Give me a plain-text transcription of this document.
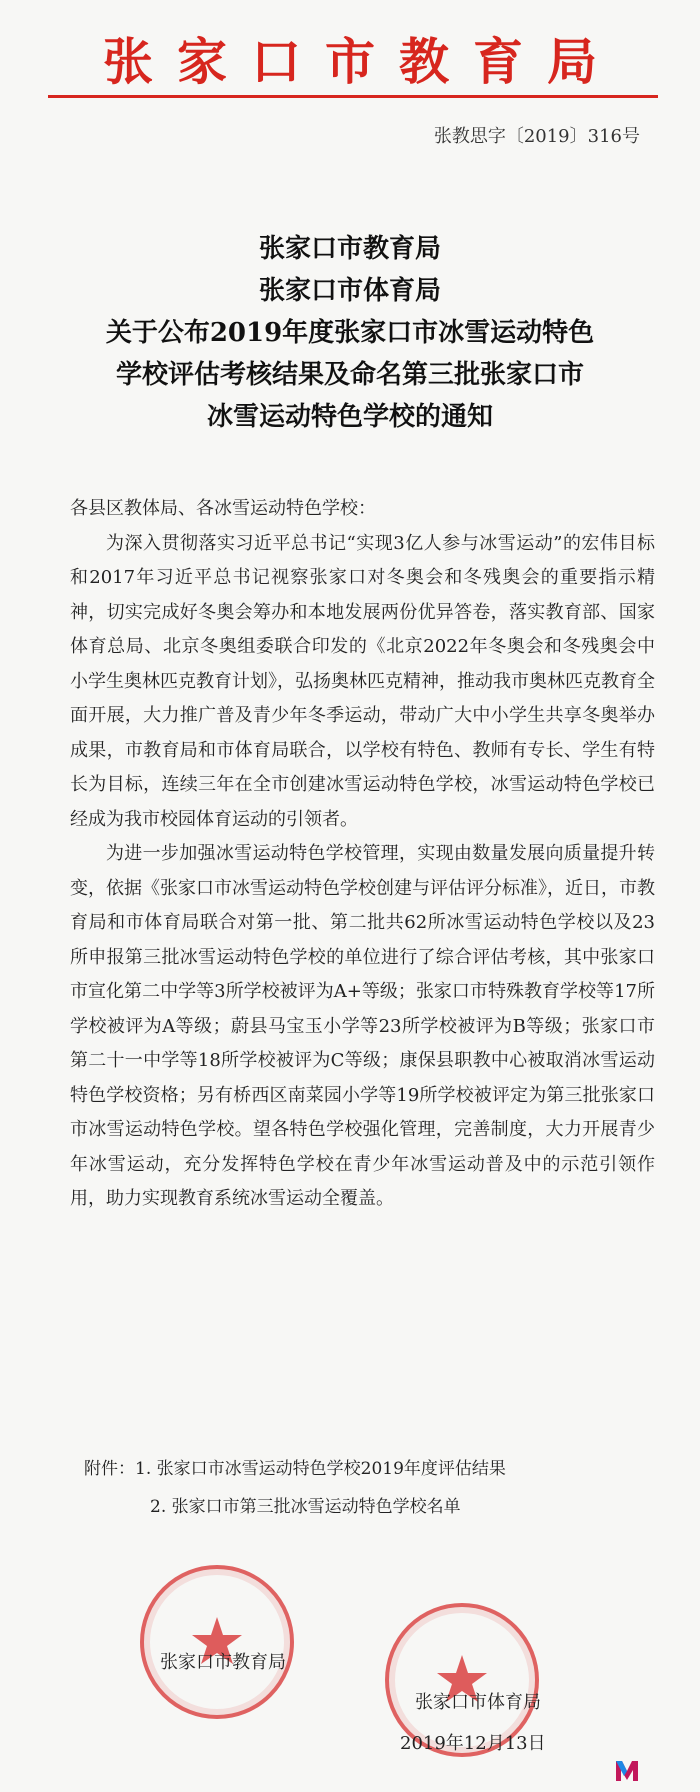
张家口市教育局
张教思字〔2019〕316号
张家口市教育局
张家口市体育局
关于公布2019年度张家口市冰雪运动特色
学校评估考核结果及命名第三批张家口市
冰雪运动特色学校的通知

各县区教体局、各冰雪运动特色学校：

为深入贯彻落实习近平总书记“实现3亿人参与冰雪运动”的宏伟目标和2017年习近平总书记视察张家口对冬奥会和冬残奥会的重要指示精神，切实完成好冬奥会筹办和本地发展两份优异答卷，落实教育部、国家体育总局、北京冬奥组委联合印发的《北京2022年冬奥会和冬残奥会中小学生奥林匹克教育计划》，弘扬奥林匹克精神，推动我市奥林匹克教育全面开展，大力推广普及青少年冬季运动，带动广大中小学生共享冬奥举办成果，市教育局和市体育局联合，以学校有特色、教师有专长、学生有特长为目标，连续三年在全市创建冰雪运动特色学校，冰雪运动特色学校已经成为我市校园体育运动的引领者。

为进一步加强冰雪运动特色学校管理，实现由数量发展向质量提升转变，依据《张家口市冰雪运动特色学校创建与评估评分标准》，近日，市教育局和市体育局联合对第一批、第二批共62所冰雪运动特色学校以及23所申报第三批冰雪运动特色学校的单位进行了综合评估考核，其中张家口市宣化第二中学等3所学校被评为A+等级；张家口市特殊教育学校等17所学校被评为A等级；蔚县马宝玉小学等23所学校被评为B等级；张家口市第二十一中学等18所学校被评为C等级；康保县职教中心被取消冰雪运动特色学校资格；另有桥西区南菜园小学等19所学校被评定为第三批张家口市冰雪运动特色学校。望各特色学校强化管理，完善制度，大力开展青少年冰雪运动，充分发挥特色学校在青少年冰雪运动普及中的示范引领作用，助力实现教育系统冰雪运动全覆盖。

附件：1. 张家口市冰雪运动特色学校2019年度评估结果
2. 张家口市第三批冰雪运动特色学校名单
张家口市教育局
张家口市体育局
2019年12月13日
